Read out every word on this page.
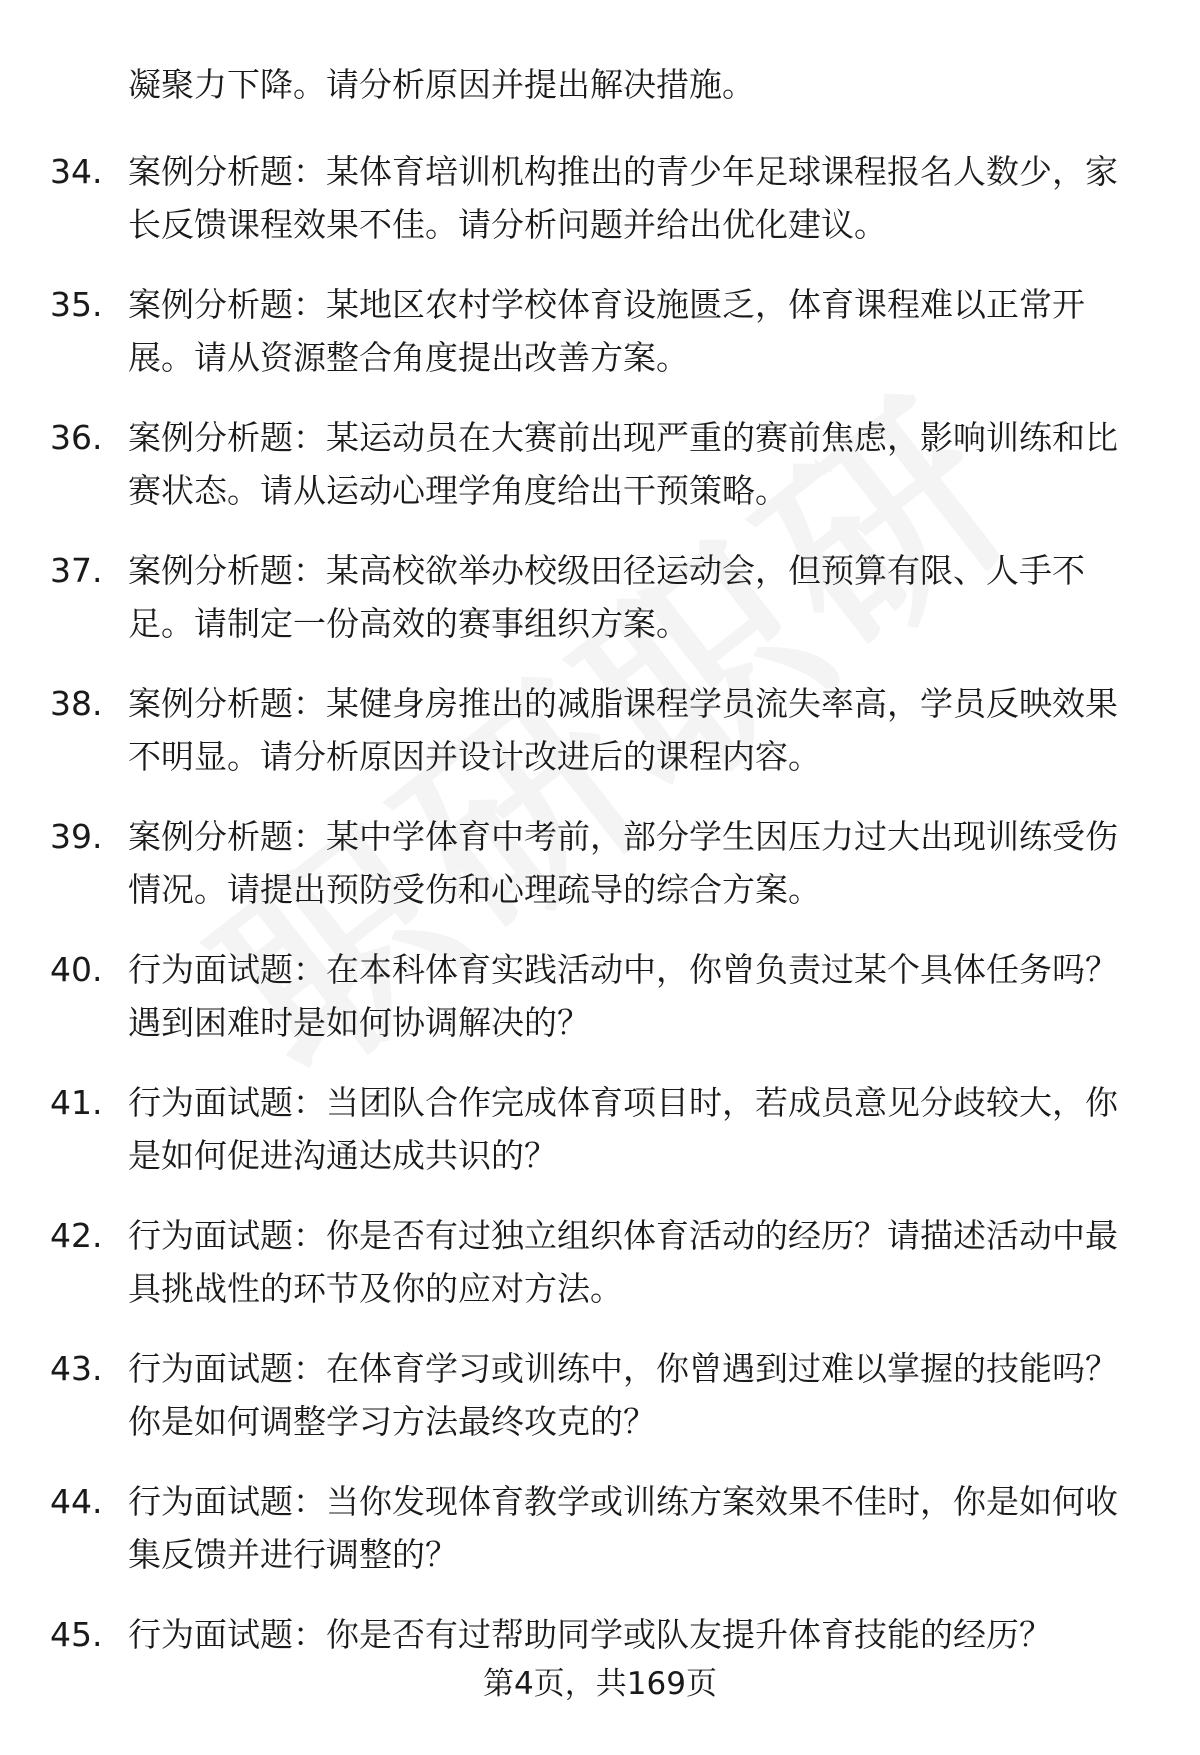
凝聚力下降。请分析原因并提出解决措施。
34. 案例分析题：某体育培训机构推出的青少年足球课程报名人数少，家长反馈课程效果不佳。请分析问题并给出优化建议。
35. 案例分析题：某地区农村学校体育设施匮乏，体育课程难以正常开展。请从资源整合角度提出改善方案。
36. 案例分析题：某运动员在大赛前出现严重的赛前焦虑，影响训练和比赛状态。请从运动心理学角度给出干预策略。
37. 案例分析题：某高校欲举办校级田径运动会，但预算有限、人手不足。请制定一份高效的赛事组织方案。
38. 案例分析题：某健身房推出的减脂课程学员流失率高，学员反映效果不明显。请分析原因并设计改进后的课程内容。
39. 案例分析题：某中学体育中考前，部分学生因压力过大出现训练受伤情况。请提出预防受伤和心理疏导的综合方案。
40. 行为面试题：在本科体育实践活动中，你曾负责过某个具体任务吗？遇到困难时是如何协调解决的？
41. 行为面试题：当团队合作完成体育项目时，若成员意见分歧较大，你是如何促进沟通达成共识的？
42. 行为面试题：你是否有过独立组织体育活动的经历？请描述活动中最具挑战性的环节及你的应对方法。
43. 行为面试题：在体育学习或训练中，你曾遇到过难以掌握的技能吗？你是如何调整学习方法最终攻克的？
44. 行为面试题：当你发现体育教学或训练方案效果不佳时，你是如何收集反馈并进行调整的？
45. 行为面试题：你是否有过帮助同学或队友提升体育技能的经历？
第4页，共169页
